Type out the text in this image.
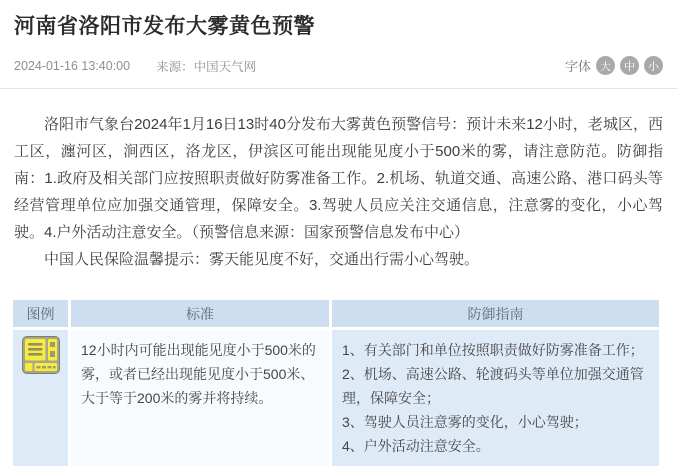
河南省洛阳市发布大雾黄色预警
2024-01-16 13:40:00 来源：中国天气网	字体 大	中	小

洛阳市气象台2024年1月16日13时40分发布大雾黄色预警信号：预计未来12小时，老城区，西工区，瀍河区，涧西区，洛龙区，伊滨区可能出现能见度小于500米的雾，请注意防范。防御指南：1.政府及相关部门应按照职责做好防雾准备工作。2.机场、轨道交通、高速公路、港口码头等经营管理单位应加强交通管理，保障安全。3.驾驶人员应关注交通信息，注意雾的变化，小心驾驶。4.户外活动注意安全。（预警信息来源：国家预警信息发布中心）

中国人民保险温馨提示：雾天能见度不好，交通出行需小心驾驶。

图例	标准	防御指南
	12小时内可能出现能见度小于500米的雾，或者已经出现能见度小于500米、大于等于200米的雾并将持续。	1、有关部门和单位按照职责做好防雾准备工作；

2、机场、高速公路、轮渡码头等单位加强交通管理，保障安全；

3、驾驶人员注意雾的变化，小心驾驶；

4、户外活动注意安全。
